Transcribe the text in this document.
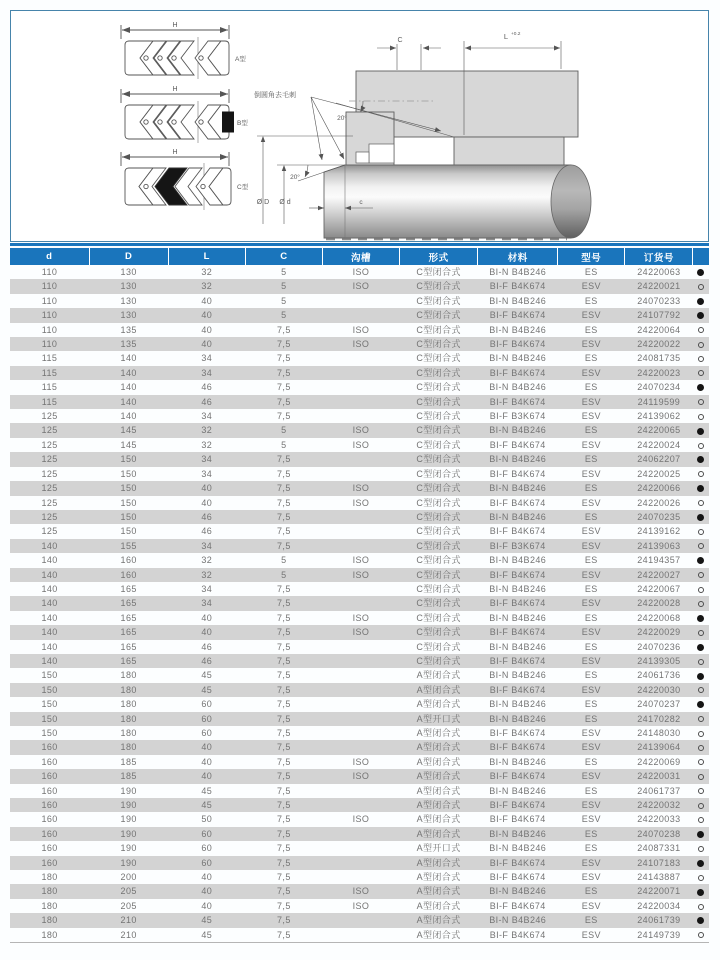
H
A型
H
B型
H
C型
倒圆角去毛刺
20°
20°
C	L +0.2
Ø D Ø d	c
d	D	L	C	沟槽	形式	材料	型号	订货号	
110	130	32	5	ISO	C型闭合式	BI-N B4B246	ES	24220063	
110	130	32	5	ISO	C型闭合式	BI-F B4K674	ESV	24220021	
110	130	40	5		C型闭合式	BI-N B4B246	ES	24070233	
110	130	40	5		C型闭合式	BI-F B4K674	ESV	24107792	
110	135	40	7,5	ISO	C型闭合式	BI-N B4B246	ES	24220064	
110	135	40	7,5	ISO	C型闭合式	BI-F B4K674	ESV	24220022	
115	140	34	7,5		C型闭合式	BI-N B4B246	ES	24081735	
115	140	34	7,5		C型闭合式	BI-F B4K674	ESV	24220023	
115	140	46	7,5		C型闭合式	BI-N B4B246	ES	24070234	
115	140	46	7,5		C型闭合式	BI-F B4K674	ESV	24119599	
125	140	34	7,5		C型闭合式	BI-F B3K674	ESV	24139062	
125	145	32	5	ISO	C型闭合式	BI-N B4B246	ES	24220065	
125	145	32	5	ISO	C型闭合式	BI-F B4K674	ESV	24220024	
125	150	34	7,5		C型闭合式	BI-N B4B246	ES	24062207	
125	150	34	7,5		C型闭合式	BI-F B4K674	ESV	24220025	
125	150	40	7,5	ISO	C型闭合式	BI-N B4B246	ES	24220066	
125	150	40	7,5	ISO	C型闭合式	BI-F B4K674	ESV	24220026	
125	150	46	7,5		C型闭合式	BI-N B4B246	ES	24070235	
125	150	46	7,5		C型闭合式	BI-F B4K674	ESV	24139162	
140	155	34	7,5		C型闭合式	BI-F B3K674	ESV	24139063	
140	160	32	5	ISO	C型闭合式	BI-N B4B246	ES	24194357	
140	160	32	5	ISO	C型闭合式	BI-F B4K674	ESV	24220027	
140	165	34	7,5		C型闭合式	BI-N B4B246	ES	24220067	
140	165	34	7,5		C型闭合式	BI-F B4K674	ESV	24220028	
140	165	40	7,5	ISO	C型闭合式	BI-N B4B246	ES	24220068	
140	165	40	7,5	ISO	C型闭合式	BI-F B4K674	ESV	24220029	
140	165	46	7,5		C型闭合式	BI-N B4B246	ES	24070236	
140	165	46	7,5		C型闭合式	BI-F B4K674	ESV	24139305	
150	180	45	7,5		A型闭合式	BI-N B4B246	ES	24061736	
150	180	45	7,5		A型闭合式	BI-F B4K674	ESV	24220030	
150	180	60	7,5		A型闭合式	BI-N B4B246	ES	24070237	
150	180	60	7,5		A型开口式	BI-N B4B246	ES	24170282	
150	180	60	7,5		A型闭合式	BI-F B4K674	ESV	24148030	
160	180	40	7,5		A型闭合式	BI-F B4K674	ESV	24139064	
160	185	40	7,5	ISO	A型闭合式	BI-N B4B246	ES	24220069	
160	185	40	7,5	ISO	A型闭合式	BI-F B4K674	ESV	24220031	
160	190	45	7,5		A型闭合式	BI-N B4B246	ES	24061737	
160	190	45	7,5		A型闭合式	BI-F B4K674	ESV	24220032	
160	190	50	7,5	ISO	A型闭合式	BI-F B4K674	ESV	24220033	
160	190	60	7,5		A型闭合式	BI-N B4B246	ES	24070238	
160	190	60	7,5		A型开口式	BI-N B4B246	ES	24087331	
160	190	60	7,5		A型闭合式	BI-F B4K674	ESV	24107183	
180	200	40	7,5		A型闭合式	BI-F B4K674	ESV	24143887	
180	205	40	7,5	ISO	A型闭合式	BI-N B4B246	ES	24220071	
180	205	40	7,5	ISO	A型闭合式	BI-F B4K674	ESV	24220034	
180	210	45	7,5		A型闭合式	BI-N B4B246	ES	24061739	
180	210	45	7,5		A型闭合式	BI-F B4K674	ESV	24149739	
